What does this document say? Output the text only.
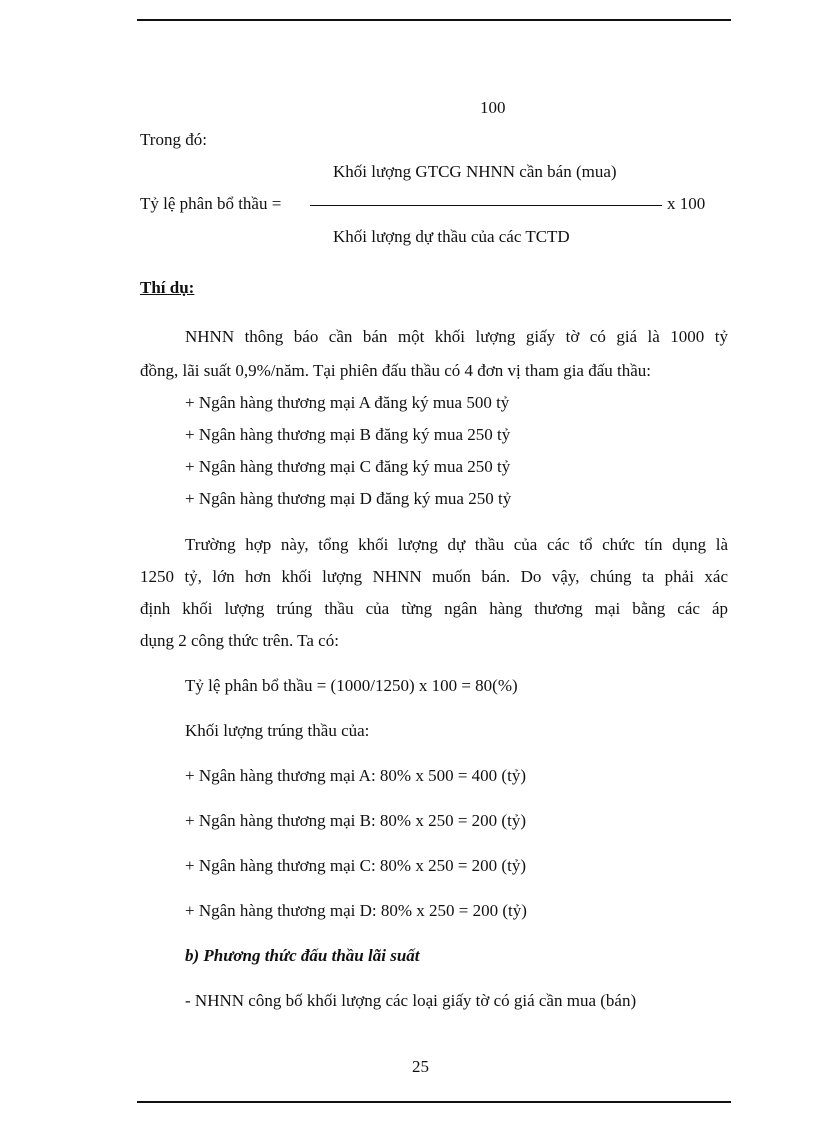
100
Trong đó:
Khối lượng GTCG NHNN cần bán (mua)
Tỷ lệ phân bổ thầu =	x 100
Khối lượng dự thầu của các TCTD
Thí dụ:
NHNN thông báo cần bán một khối lượng giấy tờ có giá là 1000 tỷ
đồng, lãi suất 0,9%/năm. Tại phiên đấu thầu có 4 đơn vị tham gia đấu thầu:
+ Ngân hàng thương mại A đăng ký mua 500 tỷ
+ Ngân hàng thương mại B đăng ký mua 250 tỷ
+ Ngân hàng thương mại C đăng ký mua 250 tỷ
+ Ngân hàng thương mại D đăng ký mua 250 tỷ
Trường hợp này, tổng khối lượng dự thầu của các tổ chức tín dụng là
1250 tỷ, lớn hơn khối lượng NHNN muốn bán. Do vậy, chúng ta phải xác
định khối lượng trúng thầu của từng ngân hàng thương mại bằng các áp
dụng 2 công thức trên. Ta có:
Tỷ lệ phân bổ thầu = (1000/1250) x 100 = 80(%)
Khối lượng trúng thầu của:
+ Ngân hàng thương mại A: 80% x 500 = 400 (tỷ)
+ Ngân hàng thương mại B: 80% x 250 = 200 (tỷ)
+ Ngân hàng thương mại C: 80% x 250 = 200 (tỷ)
+ Ngân hàng thương mại D: 80% x 250 = 200 (tỷ)
b) Phương thức đấu thầu lãi suất
- NHNN công bố khối lượng các loại giấy tờ có giá cần mua (bán)
25
